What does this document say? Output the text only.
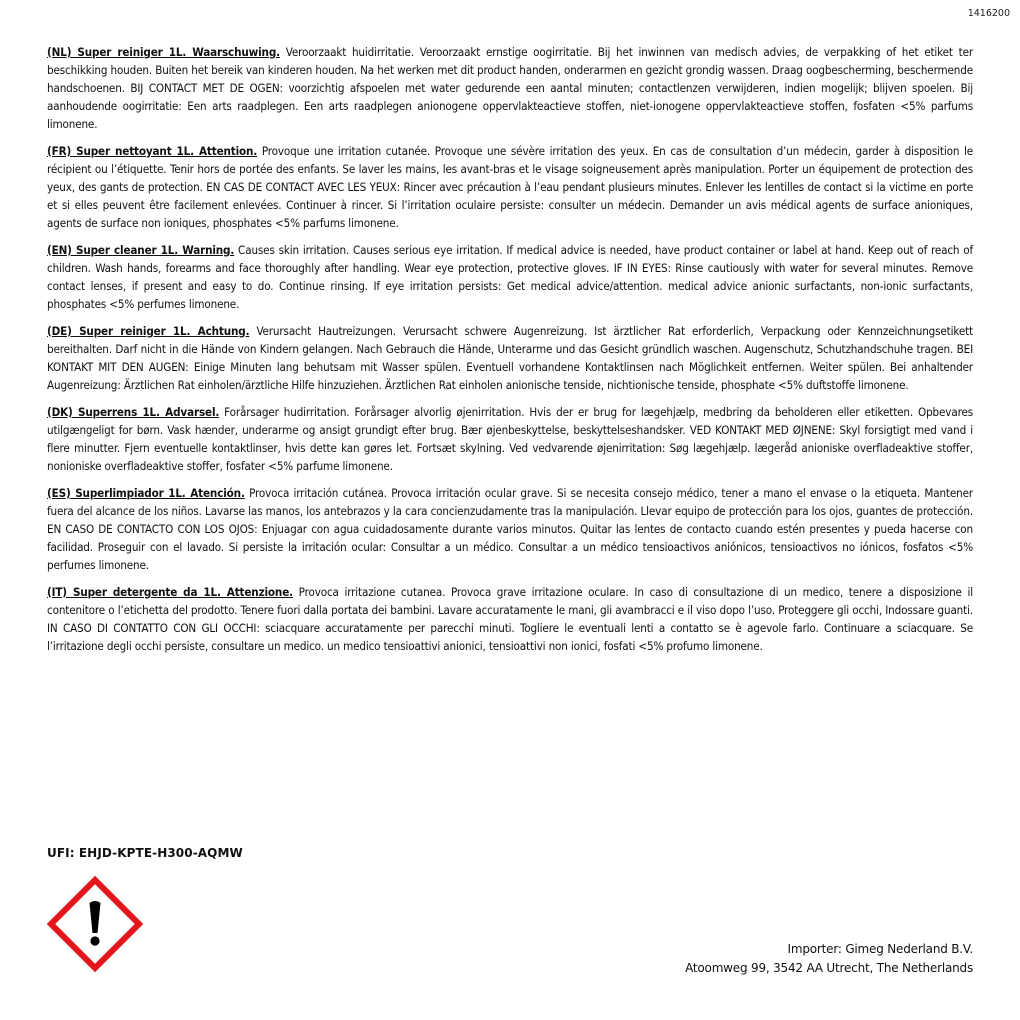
1416200

(NL) Super reiniger 1L. Waarschuwing. Veroorzaakt huidirritatie. Veroorzaakt ernstige oogirritatie. Bij het inwinnen van medisch advies, de verpakking of het etiket ter beschikking houden. Buiten het bereik van kinderen houden. Na het werken met dit product handen, onderarmen en gezicht grondig wassen. Draag oogbescherming, beschermende handschoenen. BIJ CONTACT MET DE OGEN: voorzichtig afspoelen met water gedurende een aantal minuten; contactlenzen verwijderen, indien mogelijk; blijven spoelen. Bij aanhoudende oogirritatie: Een arts raadplegen. Een arts raadplegen anionogene oppervlakteactieve stoffen, niet-ionogene oppervlakteactieve stoffen, fosfaten <5% parfums limonene.

(FR) Super nettoyant 1L. Attention. Provoque une irritation cutanée. Provoque une sévère irritation des yeux. En cas de consultation d’un médecin, garder à disposition le récipient ou l’étiquette. Tenir hors de portée des enfants. Se laver les mains, les avant-bras et le visage soigneusement après manipulation. Porter un équipement de protection des yeux, des gants de protection. EN CAS DE CONTACT AVEC LES YEUX: Rincer avec précaution à l’eau pendant plusieurs minutes. Enlever les lentilles de contact si la victime en porte et si elles peuvent être facilement enlevées. Continuer à rincer. Si l’irritation oculaire persiste: consulter un médecin. Demander un avis médical agents de surface anioniques, agents de surface non ioniques, phosphates <5% parfums limonene.

(EN) Super cleaner 1L. Warning. Causes skin irritation. Causes serious eye irritation. If medical advice is needed, have product container or label at hand. Keep out of reach of children. Wash hands, forearms and face thoroughly after handling. Wear eye protection, protective gloves. IF IN EYES: Rinse cautiously with water for several minutes. Remove contact lenses, if present and easy to do. Continue rinsing. If eye irritation persists: Get medical advice/attention. medical advice anionic surfactants, non-ionic surfactants, phosphates <5% perfumes limonene.

(DE) Super reiniger 1L. Achtung. Verursacht Hautreizungen. Verursacht schwere Augenreizung. Ist ärztlicher Rat erforderlich, Verpackung oder Kennzeichnungsetikett bereithalten. Darf nicht in die Hände von Kindern gelangen. Nach Gebrauch die Hände, Unterarme und das Gesicht gründlich waschen. Augenschutz, Schutzhandschuhe tragen. BEI KONTAKT MIT DEN AUGEN: Einige Minuten lang behutsam mit Wasser spülen. Eventuell vorhandene Kontaktlinsen nach Möglichkeit entfernen. Weiter spülen. Bei anhaltender Augenreizung: Ärztlichen Rat einholen/ärztliche Hilfe hinzuziehen. Ärztlichen Rat einholen anionische tenside, nichtionische tenside, phosphate <5% duftstoffe limonene.

(DK) Superrens 1L. Advarsel. Forårsager hudirritation. Forårsager alvorlig øjenirritation. Hvis der er brug for lægehjælp, medbring da beholderen eller etiketten. Opbevares utilgængeligt for børn. Vask hænder, underarme og ansigt grundigt efter brug. Bær øjenbeskyttelse, beskyttelseshandsker. VED KONTAKT MED ØJNENE: Skyl forsigtigt med vand i flere minutter. Fjern eventuelle kontaktlinser, hvis dette kan gøres let. Fortsæt skylning. Ved vedvarende øjenirritation: Søg lægehjælp. lægeråd anioniske overfladeaktive stoffer, nonioniske overfladeaktive stoffer, fosfater <5% parfume limonene.

(ES) Superlimpiador 1L. Atención. Provoca irritación cutánea. Provoca irritación ocular grave. Si se necesita consejo médico, tener a mano el envase o la etiqueta. Mantener fuera del alcance de los niños. Lavarse las manos, los antebrazos y la cara concienzudamente tras la manipulación. Llevar equipo de protección para los ojos, guantes de protección. EN CASO DE CONTACTO CON LOS OJOS: Enjuagar con agua cuidadosamente durante varios minutos. Quitar las lentes de contacto cuando estén presentes y pueda hacerse con facilidad. Proseguir con el lavado. Si persiste la irritación ocular: Consultar a un médico. Consultar a un médico tensioactivos aniónicos, tensioactivos no iónicos, fosfatos <5% perfumes limonene.

(IT) Super detergente da 1L. Attenzione. Provoca irritazione cutanea. Provoca grave irritazione oculare. In caso di consultazione di un medico, tenere a disposizione il contenitore o l’etichetta del prodotto. Tenere fuori dalla portata dei bambini. Lavare accuratamente le mani, gli avambracci e il viso dopo l’uso. Proteggere gli occhi, Indossare guanti. IN CASO DI CONTATTO CON GLI OCCHI: sciacquare accuratamente per parecchi minuti. Togliere le eventuali lenti a contatto se è agevole farlo. Continuare a sciacquare. Se l’irritazione degli occhi persiste, consultare un medico. un medico tensioattivi anionici, tensioattivi non ionici, fosfati <5% profumo limonene.

UFI: EHJD-KPTE-H300-AQMW
Importer: Gimeg Nederland B.V.
Atoomweg 99, 3542 AA Utrecht, The Netherlands
